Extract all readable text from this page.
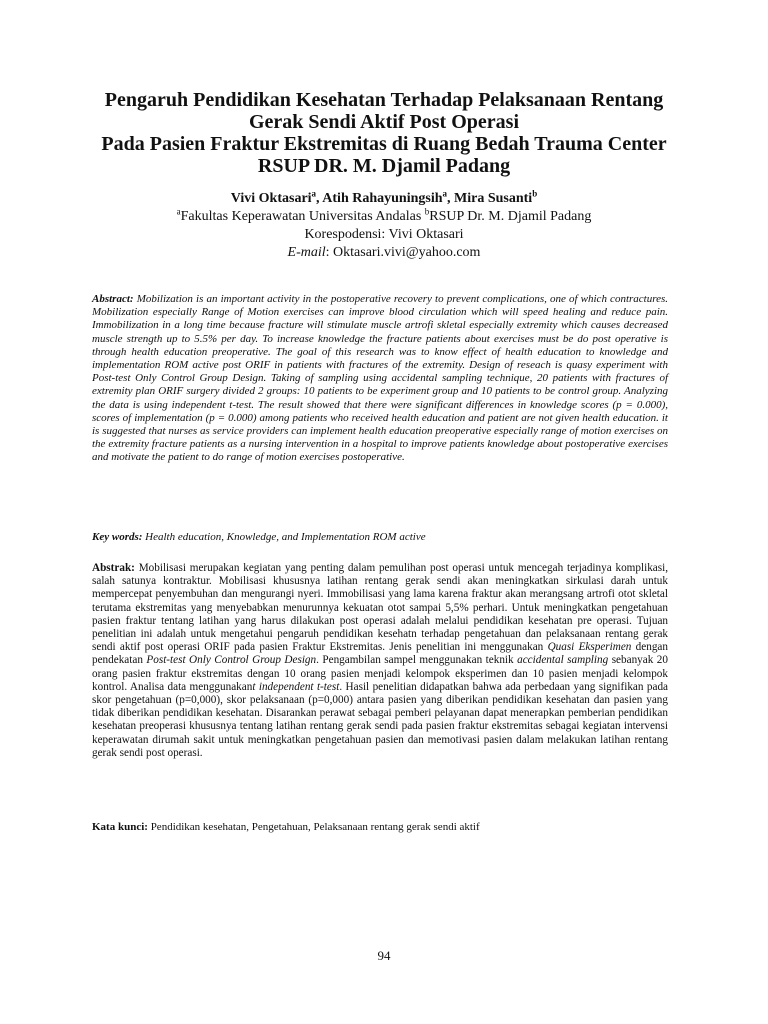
Pengaruh Pendidikan Kesehatan Terhadap Pelaksanaan Rentang
Gerak Sendi Aktif Post Operasi
Pada Pasien Fraktur Ekstremitas di Ruang Bedah Trauma Center
RSUP DR. M. Djamil Padang
Vivi Oktasari$^a$, Atih Rahayuningsih$^a$, Mira Susanti$^b$
$^a$Fakultas Keperawatan Universitas Andalas $^b$RSUP Dr. M. Djamil Padang
Korespodensi: Vivi Oktasari
E-mail: Oktasari.vivi@yahoo.com
Abstract: Mobilization is an important activity in the postoperative recovery to prevent complications, one of which contractures. Mobilization especially Range of Motion exercises can improve blood circulation which will speed healing and reduce pain. Immobilization in a long time because fracture will stimulate muscle artrofi skletal especially extremity which causes decreased muscle strength up to 5.5% per day. To increase knowledge the fracture patients about exercises must be do post operative is through health education preoperative. The goal of this research was to know effect of health education to knowledge and implementation ROM active post ORIF in patients with fractures of the extremity. Design of reseach is quasy experiment with Post-test Only Control Group Design. Taking of sampling using accidental sampling technique, 20 patients with fractures of extremity plan ORIF surgery divided 2 groups: 10 patients to be experiment group and 10 patients to be control group. Analyzing the data is using independent t-test. The result showed that there were significant differences in knowledge scores (p = 0.000), scores of implementation (p = 0.000) among patients who received health education and patient are not given health education. it is suggested that nurses as service providers can implement health education preoperative especially range of motion exercises on the extremity fracture patients as a nursing intervention in a hospital to improve patients knowledge about postoperative exercises and motivate the patient to do range of motion exercises postoperative.
Key words: Health education, Knowledge, and Implementation ROM active
Abstrak: Mobilisasi merupakan kegiatan yang penting dalam pemulihan post operasi untuk mencegah terjadinya komplikasi, salah satunya kontraktur. Mobilisasi khususnya latihan rentang gerak sendi akan meningkatkan sirkulasi darah untuk mempercepat penyembuhan dan mengurangi nyeri. Immobilisasi yang lama karena fraktur akan merangsang artrofi otot skletal terutama ekstremitas yang menyebabkan menurunnya kekuatan otot sampai 5,5% perhari. Untuk meningkatkan pengetahuan pasien fraktur tentang latihan yang harus dilakukan post operasi adalah melalui pendidikan kesehatan pre operasi. Tujuan penelitian ini adalah untuk mengetahui pengaruh pendidikan kesehatn terhadap pengetahuan dan pelaksanaan rentang gerak sendi aktif post operasi ORIF pada pasien Fraktur Ekstremitas. Jenis penelitian ini menggunakan Quasi Eksperimen dengan pendekatan Post-test Only Control Group Design. Pengambilan sampel menggunakan teknik accidental sampling sebanyak 20 orang pasien fraktur ekstremitas dengan 10 orang pasien menjadi kelompok eksperimen dan 10 pasien menjadi kelompok kontrol. Analisa data menggunakant independent t-test. Hasil penelitian didapatkan bahwa ada perbedaan yang signifikan pada skor pengetahuan (p=0,000), skor pelaksanaan (p=0,000) antara pasien yang diberikan pendidikan kesehatan dan pasien yang tidak diberikan pendidikan kesehatan. Disarankan perawat sebagai pemberi pelayanan dapat menerapkan pemberian pendidikan kesehatan preoperasi khususnya tentang latihan rentang gerak sendi pada pasien fraktur ekstremitas sebagai kegiatan intervensi keperawatan dirumah sakit untuk meningkatkan pengetahuan pasien dan memotivasi pasien dalam melakukan latihan rentang gerak sendi post operasi.
Kata kunci: Pendidikan kesehatan, Pengetahuan, Pelaksanaan rentang gerak sendi aktif
94
